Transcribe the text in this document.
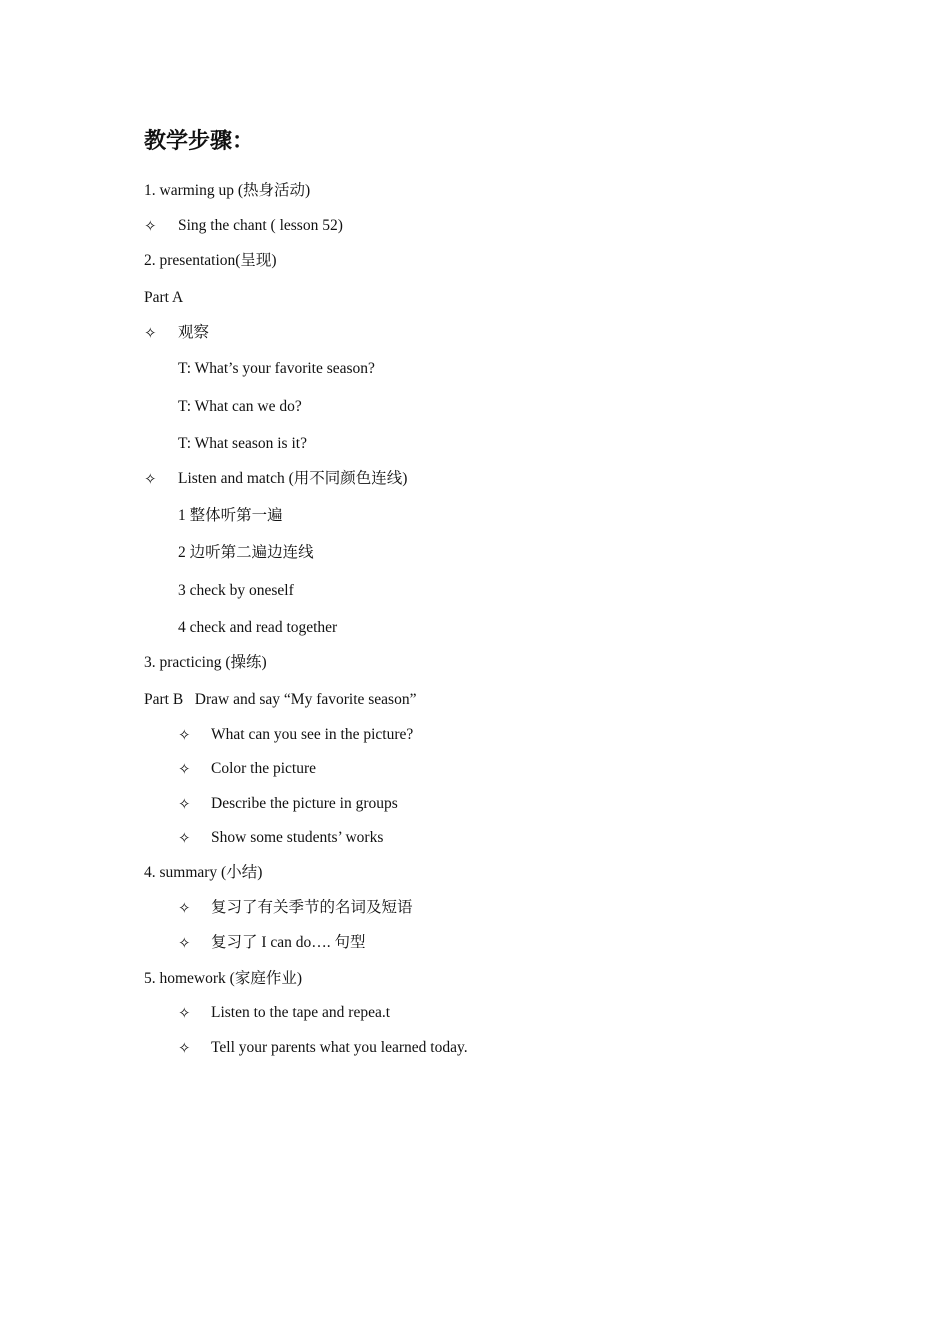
教学步骤：
1. warming up (热身活动)
✧ Sing the chant ( lesson 52)
2. presentation(呈现)
Part A
✧ 观察
T: What’s your favorite season?
T: What can we do?
T: What season is it?
✧ Listen and match (用不同颜色连线)
1 整体听第一遍
2 边听第二遍边连线
3 check by oneself
4 check and read together
3. practicing (操练)
Part B   Draw and say “My favorite season”
✧ What can you see in the picture?
✧ Color the picture
✧ Describe the picture in groups
✧ Show some students’ works
4. summary (小结)
✧ 复习了有关季节的名词及短语
✧ 复习了 I can do…. 句型
5. homework (家庭作业)
✧ Listen to the tape and repea.t
✧ Tell your parents what you learned today.
